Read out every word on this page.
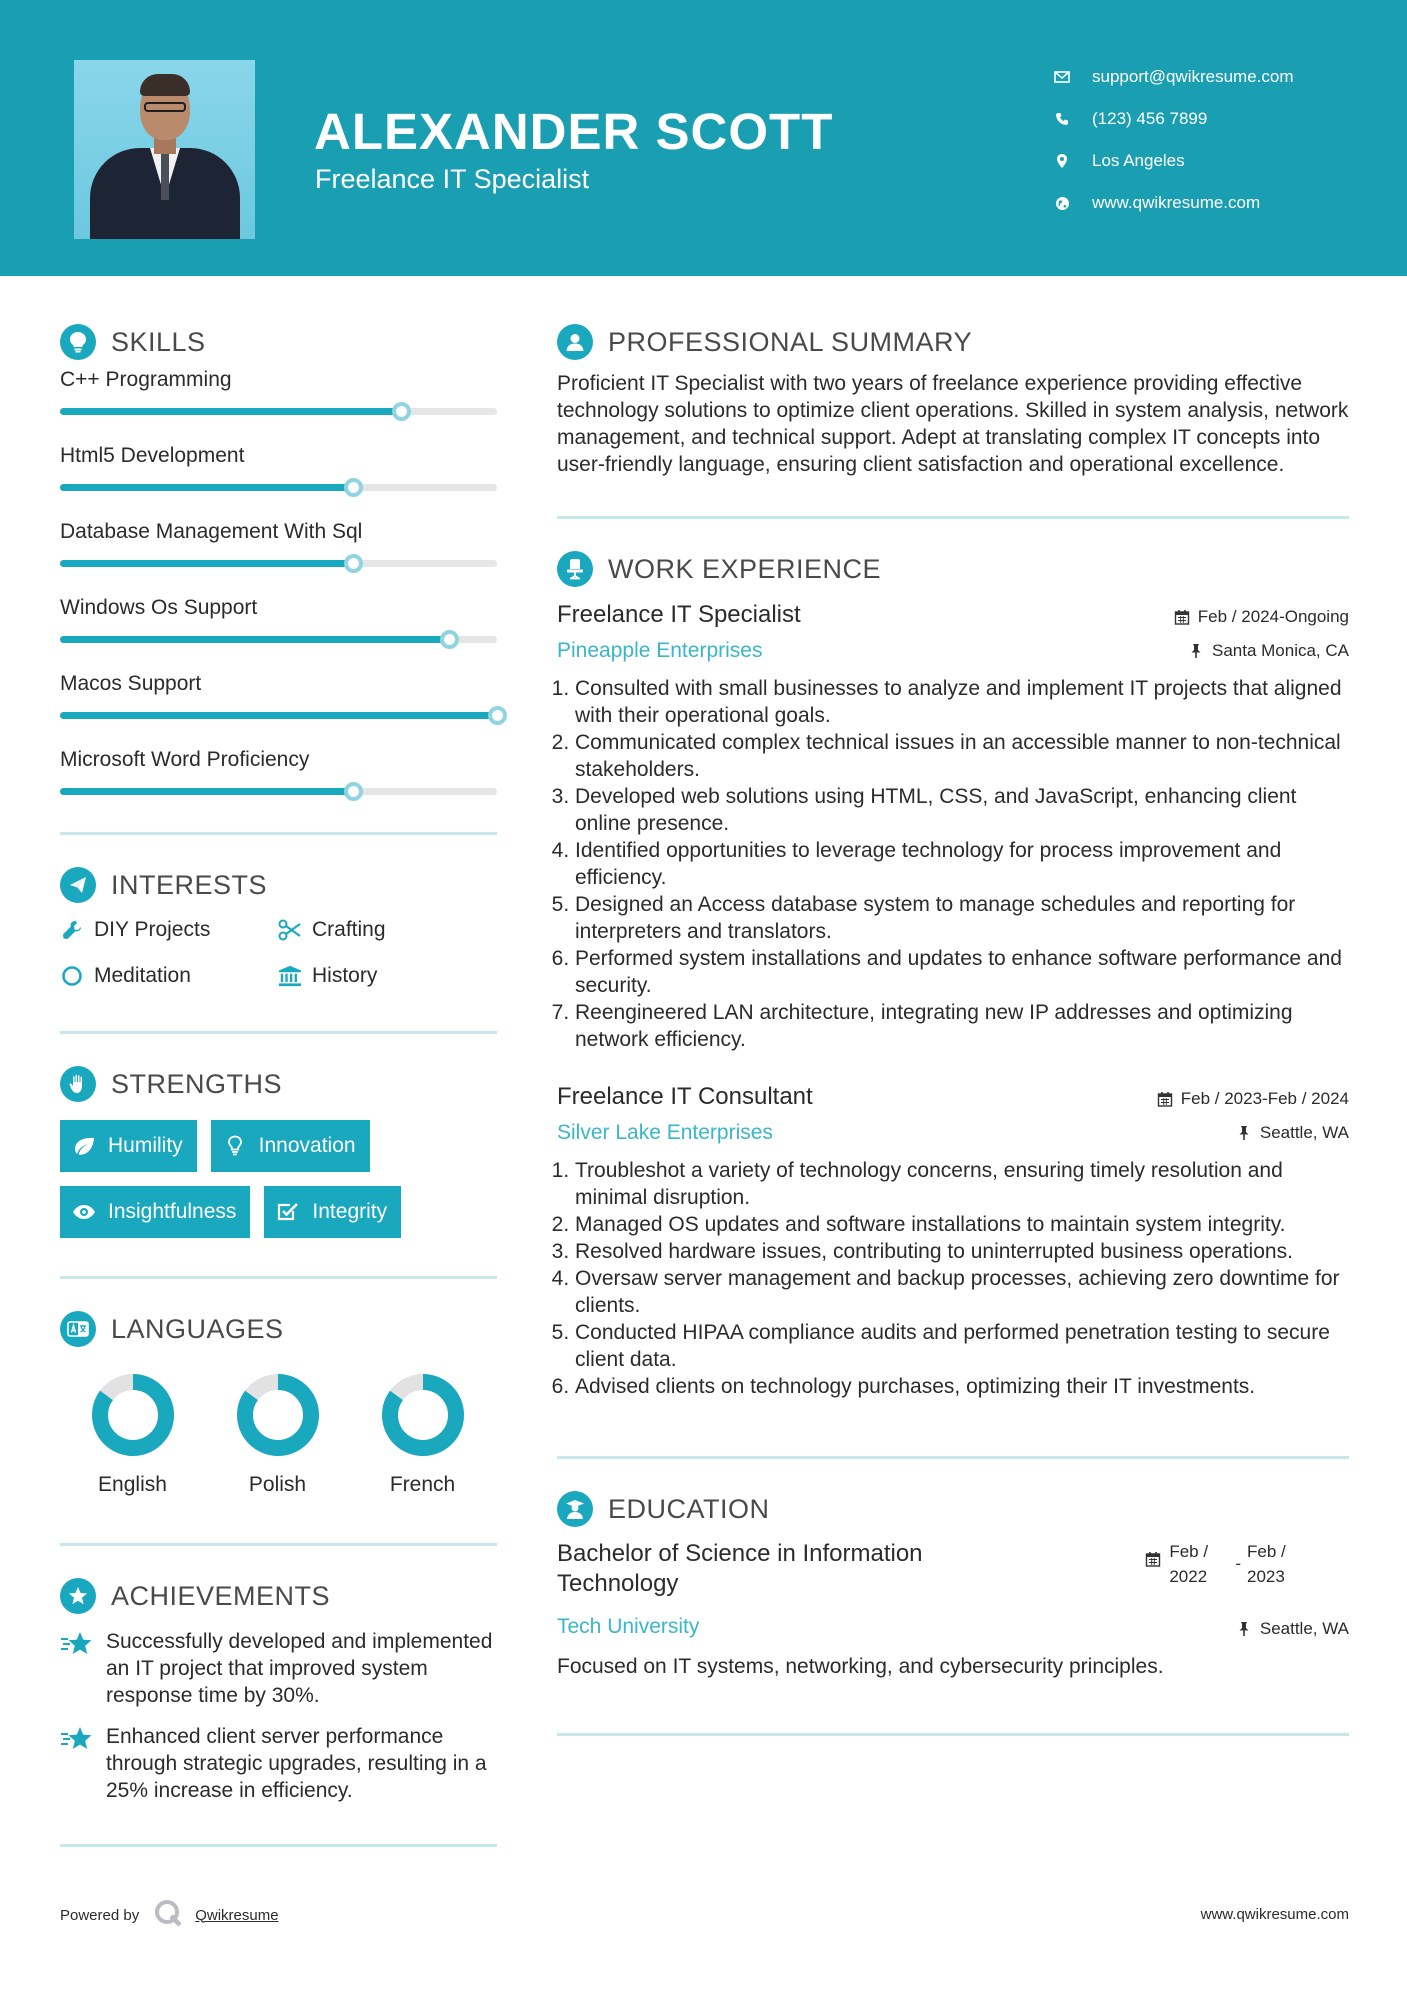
ALEXANDER SCOTT
Freelance IT Specialist
support@qwikresume.com
(123) 456 7899
Los Angeles
www.qwikresume.com
SKILLS
C++ Programming
Html5 Development
Database Management With Sql
Windows Os Support
Macos Support
Microsoft Word Proficiency
INTERESTS
DIY Projects	Crafting
Meditation	History
STRENGTHS
Humility	Innovation
Insightfulness	Integrity
LANGUAGES
English	Polish	French
ACHIEVEMENTS
Successfully developed and implemented an IT project that improved system response time by 30%.
Enhanced client server performance through strategic upgrades, resulting in a 25% increase in efficiency.
PROFESSIONAL SUMMARY

Proficient IT Specialist with two years of freelance experience providing effective technology solutions to optimize client operations. Skilled in system analysis, network management, and technical support. Adept at translating complex IT concepts into user-friendly language, ensuring client satisfaction and operational excellence.

WORK EXPERIENCE
Freelance IT Specialist
Pineapple Enterprises
Feb / 2024-Ongoing
Santa Monica, CA
1. Consulted with small businesses to analyze and implement IT projects that aligned with their operational goals.
2. Communicated complex technical issues in an accessible manner to non-technical stakeholders.
3. Developed web solutions using HTML, CSS, and JavaScript, enhancing client online presence.
4. Identified opportunities to leverage technology for process improvement and efficiency.
5. Designed an Access database system to manage schedules and reporting for interpreters and translators.
6. Performed system installations and updates to enhance software performance and security.
7. Reengineered LAN architecture, integrating new IP addresses and optimizing network efficiency.
Freelance IT Consultant
Silver Lake Enterprises
Feb / 2023-Feb / 2024
Seattle, WA
1. Troubleshot a variety of technology concerns, ensuring timely resolution and minimal disruption.
2. Managed OS updates and software installations to maintain system integrity.
3. Resolved hardware issues, contributing to uninterrupted business operations.
4. Oversaw server management and backup processes, achieving zero downtime for clients.
5. Conducted HIPAA compliance audits and performed penetration testing to secure client data.
6. Advised clients on technology purchases, optimizing their IT investments.
EDUCATION
Bachelor of Science in Information Technology
Tech University
Feb /
2022
-
Feb /
2023
Seattle, WA

Focused on IT systems, networking, and cybersecurity principles.

Powered by	Qwikresume	www.qwikresume.com
